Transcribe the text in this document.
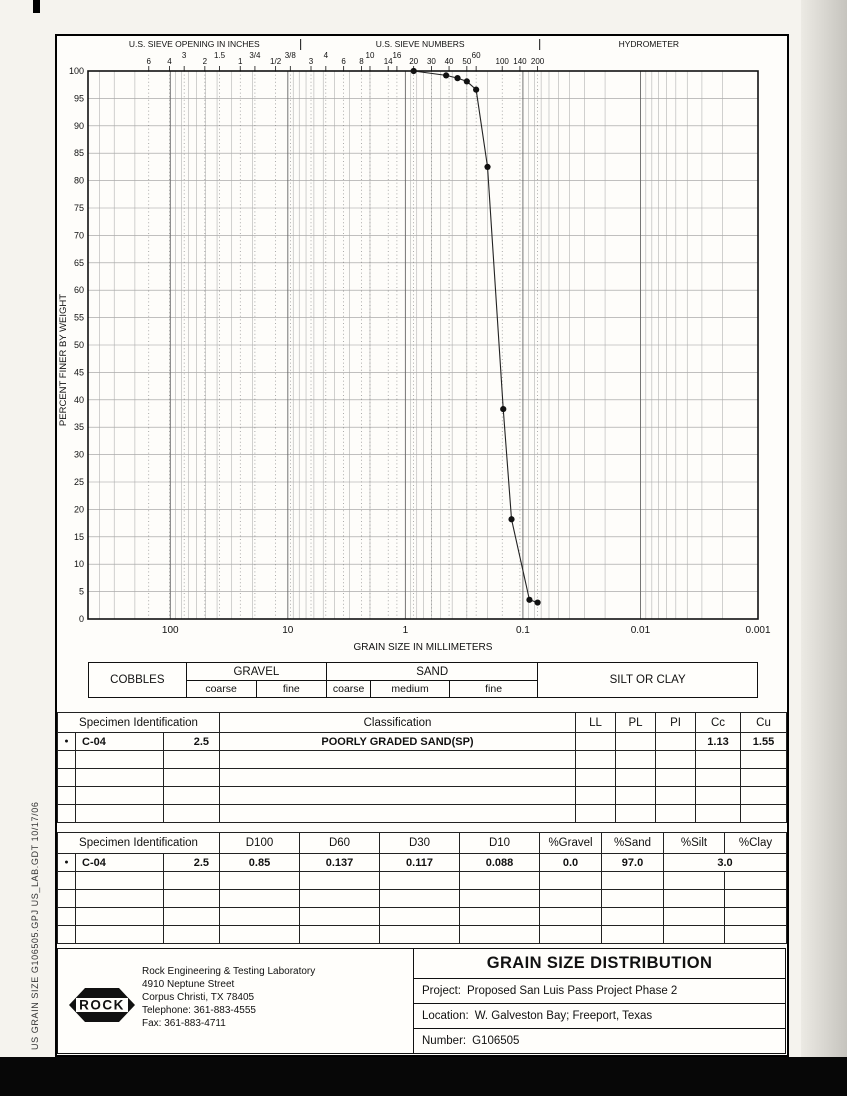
0
5
10
15
20
25
30
35
40
45
50
55
60
65
70
75
80
85
90
95
100
6 4
3
2
1.5
1
3/4
1/2
3/8
3
4
6 8
10
14
16
20 30 40 50
60
100 140 200
U.S. SIEVE OPENING IN INCHES	U.S. SIEVE NUMBERS	HYDROMETER
100	10	1	0.1	0.01	0.001
GRAIN SIZE IN MILLIMETERS
PERCENT FINER BY WEIGHT
COBBLES
GRAVEL	SAND
SILT OR CLAY
coarse	fine	coarse	medium	fine
Specimen Identification			Classification	LL	PL	PI	Cc	Cu
●	C-04	2.5	POORLY GRADED SAND(SP)				1.13	1.55

Specimen Identification			D100	D60	D30	D10	%Gravel	%Sand	%Silt	%Clay
●	C-04	2.5	0.85	0.137	0.117	0.088	0.0	97.0	3.0	

ROCK
Rock Engineering & Testing Laboratory
4910 Neptune Street
Corpus Christi, TX 78405
Telephone: 361-883-4555
Fax: 361-883-4711
GRAIN SIZE DISTRIBUTION
Project: Proposed San Luis Pass Project Phase 2
Location: W. Galveston Bay; Freeport, Texas
Number: G106505
US GRAIN SIZE G106505.GPJ US_LAB.GDT 10/17/06
